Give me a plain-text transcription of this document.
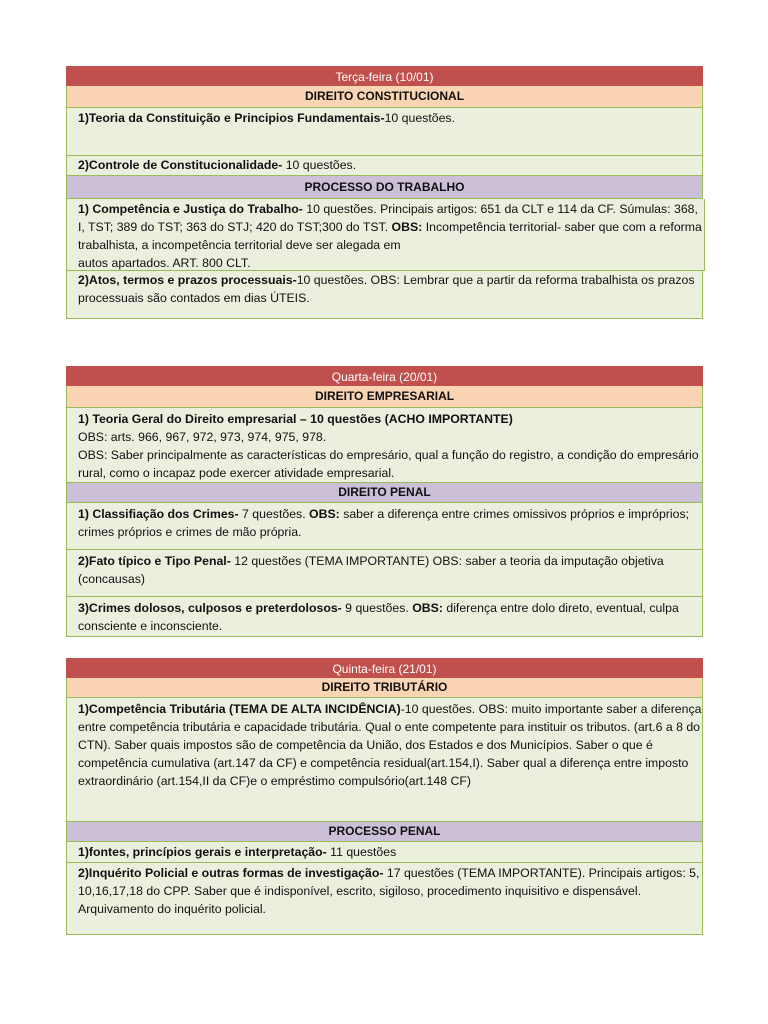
Terça-feira (10/01)
DIREITO CONSTITUCIONAL
1)Teoria da Constituição e Principios Fundamentais-10 questões.
2)Controle de Constitucionalidade- 10 questões.
PROCESSO DO TRABALHO
1) Competência e Justiça do Trabalho- 10 questões. Principais artigos: 651 da CLT e 114 da CF. Súmulas: 368, I, TST; 389 do TST; 363 do STJ; 420 do TST;300 do TST. OBS: Incompetência territorial- saber que com a reforma trabalhista, a incompetência territorial deve ser alegada em
autos apartados. ART. 800 CLT.
2)Atos, termos e prazos processuais-10 questões. OBS: Lembrar que a partir da reforma trabalhista os prazos processuais são contados em dias ÚTEIS.
Quarta-feira (20/01)
DIREITO EMPRESARIAL
1) Teoria Geral do Direito empresarial – 10 questões (ACHO IMPORTANTE)
OBS: arts. 966, 967, 972, 973, 974, 975, 978.
OBS: Saber principalmente as características do empresário, qual a função do registro, a condição do empresário rural, como o incapaz pode exercer atividade empresarial.
DIREITO PENAL
1) Classifiação dos Crimes- 7 questões. OBS: saber a diferença entre crimes omissivos próprios e impróprios; crimes próprios e crimes de mão própria.
2)Fato típico e Tipo Penal- 12 questões (TEMA IMPORTANTE) OBS: saber a teoria da imputação objetiva (concausas)
3)Crimes dolosos, culposos e preterdolosos- 9 questões. OBS: diferença entre dolo direto, eventual, culpa consciente e inconsciente.
Quinta-feira (21/01)
DIREITO TRIBUTÁRIO
1)Competência Tributária (TEMA DE ALTA INCIDÊNCIA)-10 questões. OBS: muito importante saber a diferença entre competência tributária e capacidade tributária. Qual o ente competente para instituir os tributos. (art.6 a 8 do CTN). Saber quais impostos são de competência da União, dos Estados e dos Municípios. Saber o que é competência cumulativa (art.147 da CF) e competência residual(art.154,I). Saber qual a diferença entre imposto extraordinário (art.154,II da CF)e o empréstimo compulsório(art.148 CF)
PROCESSO PENAL
1)fontes, princípios gerais e interpretação- 11 questões
2)Inquérito Policial e outras formas de investigação- 17 questões (TEMA IMPORTANTE). Principais artigos: 5, 10,16,17,18 do CPP. Saber que é indisponível, escrito, sigiloso, procedimento inquisitivo e dispensável. Arquivamento do inquérito policial.
